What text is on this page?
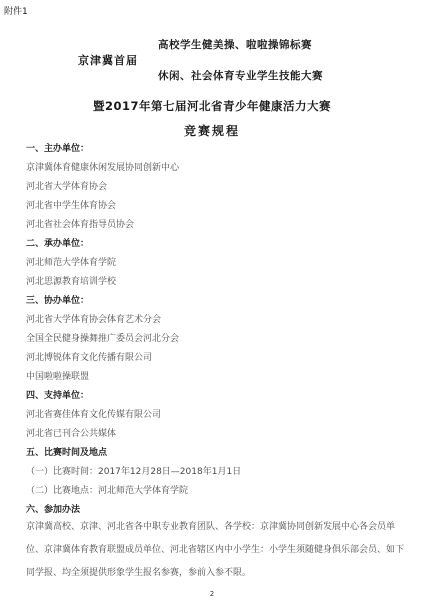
附件1
京津冀首届
高校学生健美操、啦啦操锦标赛
休闲、社会体育专业学生技能大赛
暨2017年第七届河北省青少年健康活力大赛
竞赛规程
一、主办单位：
京津冀体育健康休闲发展协同创新中心
河北省大学体育协会
河北省中学生体育协会
河北省社会体育指导员协会
二、承办单位：
河北师范大学体育学院
河北思源教育培训学校
三、协办单位：
河北省大学体育协会体育艺术分会
全国全民健身操舞推广委员会河北分会
河北博锐体育文化传播有限公司
中国啦啦操联盟
四、支持单位：
河北省赛佳体育文化传媒有限公司
河北省已刊合公共媒体
五、比赛时间及地点
（一）比赛时间：2017年12月28日—2018年1月1日
（二）比赛地点：河北师范大学体育学院
六、参加办法
京津冀高校、京津、河北省各中职专业教育团队、各学校：京津冀协同创新发展中心各会员单位、京津冀体育教育联盟成员单位、河北省辖区内中小学生：小学生须随健身俱乐部会员、如下同学报、均全须提供形象学生报名参赛，参前入参不限。
2
